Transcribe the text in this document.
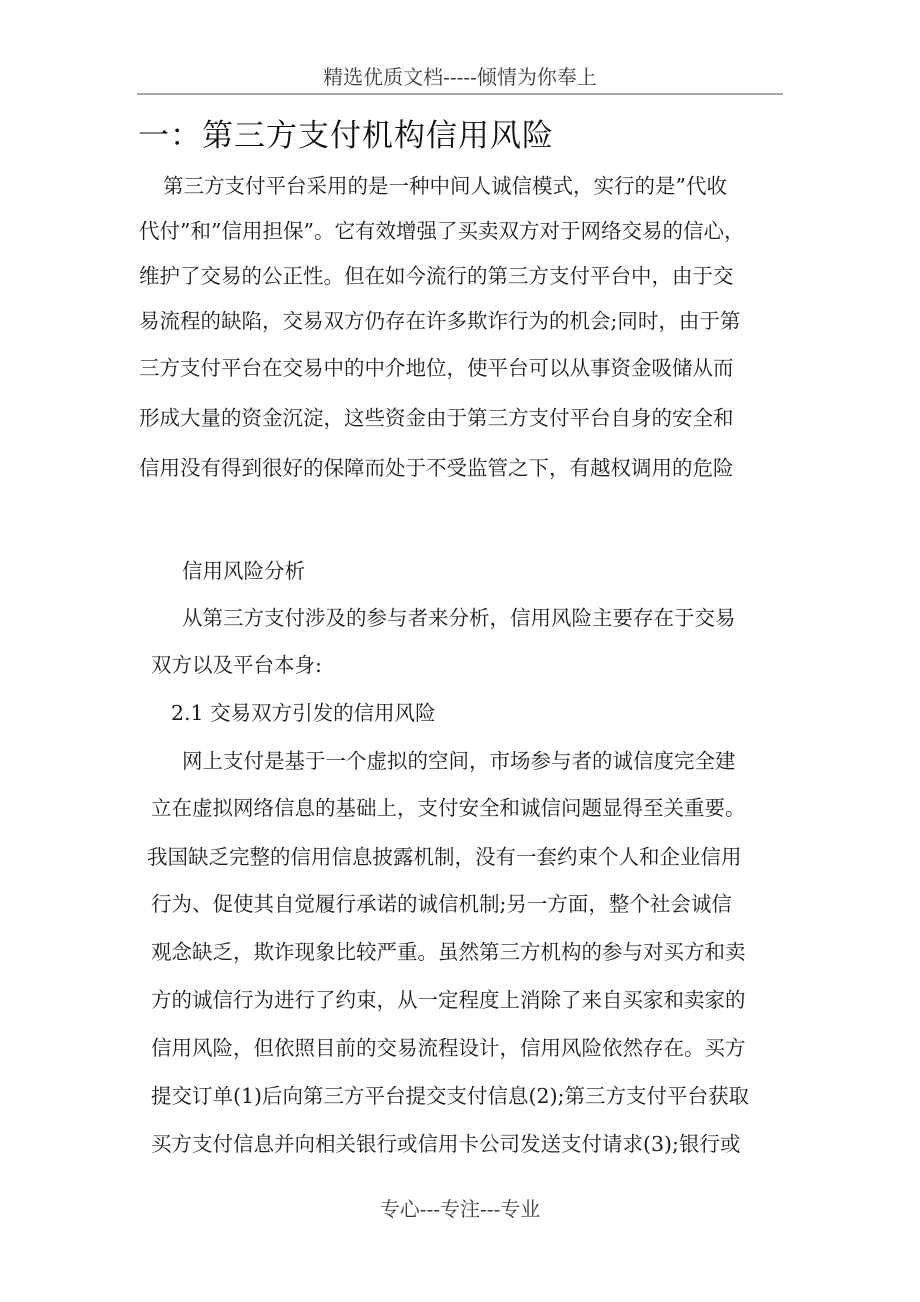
精选优质文档-----倾情为你奉上
一：第三方支付机构信用风险
第三方支付平台采用的是一种中间人诚信模式，实行的是”代收
代付”和”信用担保”。它有效增强了买卖双方对于网络交易的信心，
维护了交易的公正性。但在如今流行的第三方支付平台中，由于交
易流程的缺陷，交易双方仍存在许多欺诈行为的机会;同时，由于第
三方支付平台在交易中的中介地位，使平台可以从事资金吸储从而
形成大量的资金沉淀，这些资金由于第三方支付平台自身的安全和
信用没有得到很好的保障而处于不受监管之下，有越权调用的危险
信用风险分析
从第三方支付涉及的参与者来分析，信用风险主要存在于交易
双方以及平台本身:
2.1 交易双方引发的信用风险
网上支付是基于一个虚拟的空间，市场参与者的诚信度完全建
立在虚拟网络信息的基础上，支付安全和诚信问题显得至关重要。
我国缺乏完整的信用信息披露机制，没有一套约束个人和企业信用
行为、促使其自觉履行承诺的诚信机制;另一方面，整个社会诚信
观念缺乏，欺诈现象比较严重。虽然第三方机构的参与对买方和卖
方的诚信行为进行了约束，从一定程度上消除了来自买家和卖家的
信用风险，但依照目前的交易流程设计，信用风险依然存在。买方
提交订单(1)后向第三方平台提交支付信息(2);第三方支付平台获取
买方支付信息并向相关银行或信用卡公司发送支付请求(3);银行或
专心---专注---专业
